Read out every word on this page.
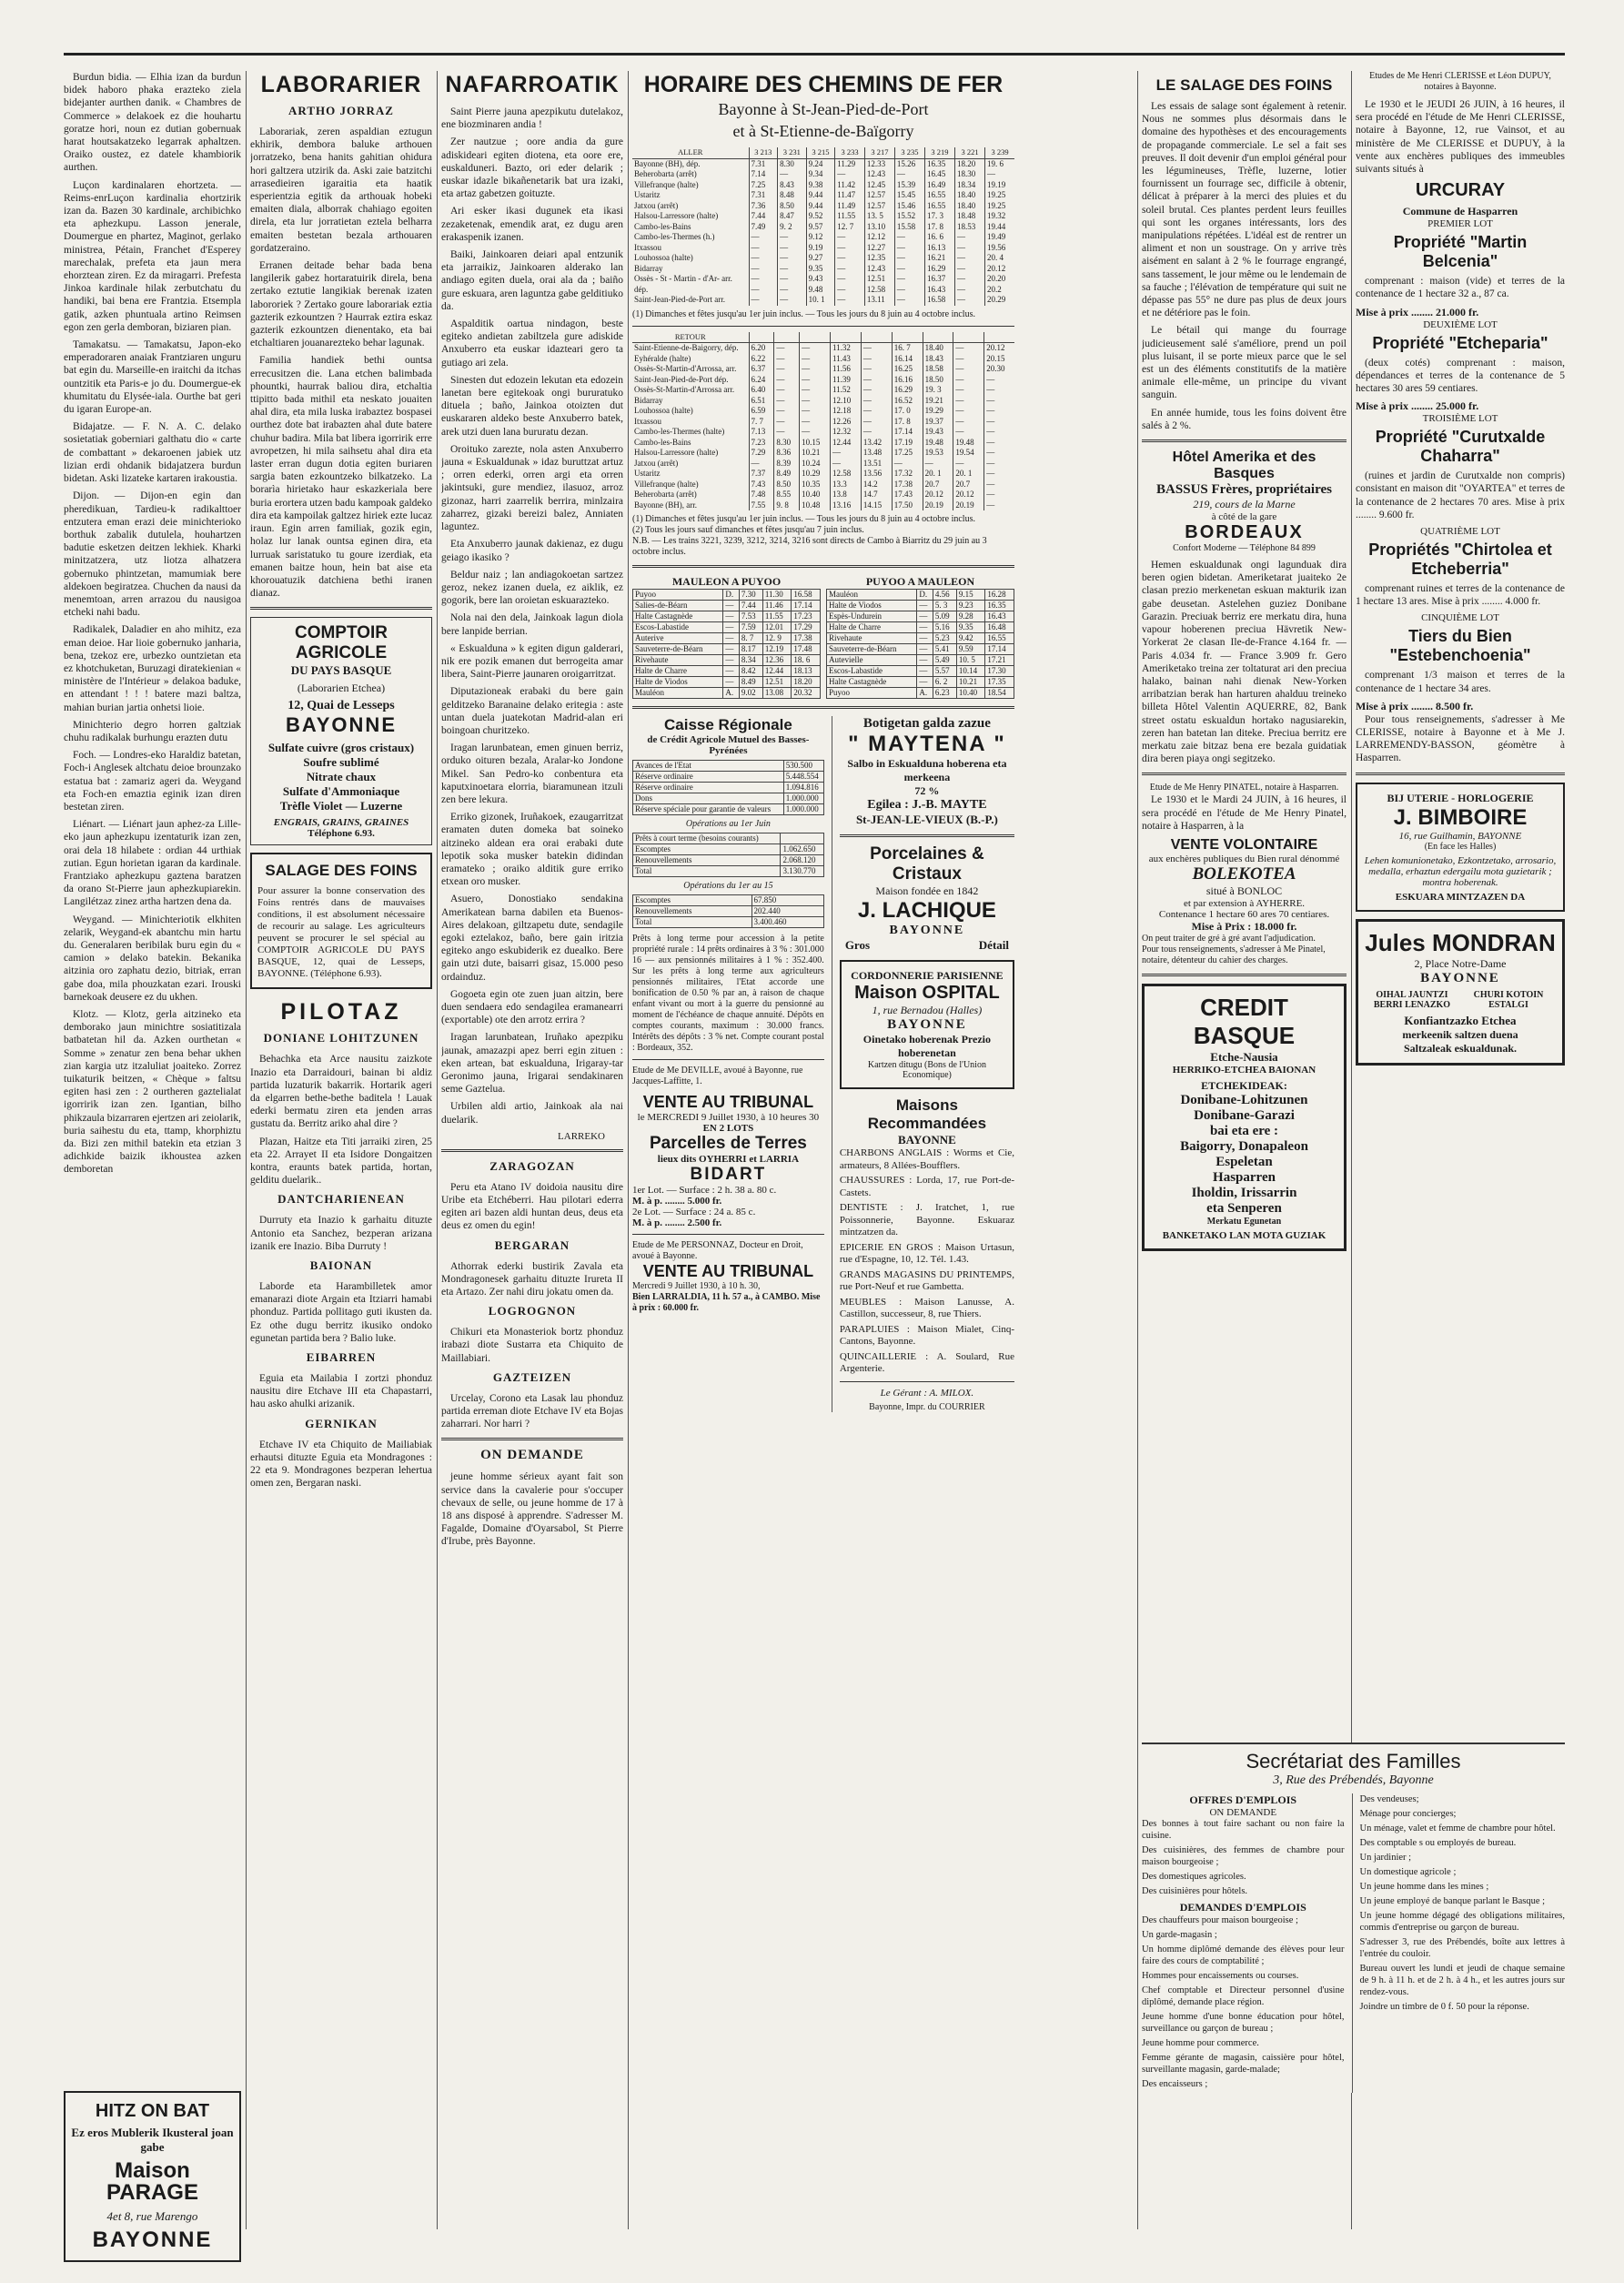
Burdun bidia. — Elhia izan da burdun bidek haboro phaka erazteko ziela bidejanter aurthen danik. « Chambres de Commerce » delakoek ez die houhartu goratze hori, noun ez dutian gobernuak harat houtsakatzeko legarrak aphaltzen. Oraiko oustez, ez datele khambiorik aurthen.

Luçon kardinalaren ehortzeta. — Reims-enrLuçon kardinalia ehortzirik izan da. Bazen 30 kardinale, archibichko eta aphezkupu. Lasson jenerale, Doumergue en phartez, Maginot, gerlako ministrea, Pétain, Franchet d'Esperey marechalak, prefeta eta jaun mera ehorztean ziren. Ez da miragarri. Prefesta Jinkoa kardinale hilak zerbutchatu du handiki, bai bena ere Frantzia. Etsempla gatik, azken phuntuala artino Reimsen egon zen gerla demboran, biziaren pian.

Tamakatsu. — Tamakatsu, Japon-eko emperadoraren anaiak Frantziaren unguru bat egin du. Marseille-en iraitchi da itchas ountzitik eta Paris-e jo du. Doumergue-ek khumitatu du Elysée-iala. Ourthe bat geri du igaran Europe-an.

Bidajatze. — F. N. A. C. delako sosietatiak goberniari galthatu dio « carte de combattant » dekaroenen jabiek utz lizian erdi ohdanik bidajatzera burdun bidetan. Aski lizateke kartaren irakoustia.

Dijon. — Dijon-en egin dan pheredikuan, Tardieu-k radikalttoer entzutera eman erazi deie minichterioko borthuk zabalik dutulela, houhartzen badutie esketzen deitzen lekhiek. Kharki minitzatzera, utz liotza alhatzera gobernuko phintzetan, mamumiak bere aldekoen begiratzea. Chuchen da nausi da menemtoan, arren arrazou du nausigoa etcheki nahi badu.

Radikalek, Daladier en aho mihitz, eza eman deioe. Har lioie gobernuko janharia, bena, tzekoz ere, urbezko ountzietan eta ez khotchuketan, Buruzagi diratekienian « ministère de l'Intérieur » delakoa baduke, en attendant ! ! ! batere mazi baltza, mahian burian jartia onhetsi lioie.

Minichterio degro horren galtziak chuhu radikalak burhungu erazten dutu

Foch. — Londres-eko Haraldiz batetan, Foch-i Anglesek altchatu deioe brounzako estatua bat : zamariz ageri da. Weygand eta Foch-en emaztia eginik izan diren bestetan ziren.

Liénart. — Liénart jaun aphez-za Lille-eko jaun aphezkupu izentaturik izan zen, orai dela 18 hilabete : ordian 44 urthiak zutian. Egun horietan igaran da kardinale. Frantziako aphezkupu gaztena baratzen da orano St-Pierre jaun aphezkupiarekin. Langilétzaz zinez artha hartzen dena da.

Weygand. — Minichteriotik elkhiten zelarik, Weygand-ek abantchu min hartu du. Generalaren beribilak buru egin du « camion » delako batekin. Bekanika aitzinia oro zaphatu dezio, bitriak, erran gabe doa, mila phouzkatan ezari. Irouski barnekoak deusere ez du ukhen.

Klotz. — Klotz, gerla aitzineko eta demborako jaun minichtre sosiatitizala batbatetan hil da. Azken ourthetan « Somme » zenatur zen bena behar ukhen zian kargia utz itzaluliat joaiteko. Zorrez tuikaturik beitzen, « Chèque » faltsu egiten hasi zen : 2 ourtheren gaztelialat igorririk izan zen. Igantian, bilho phikzaula bizarraren ejertzen ari zeiolarik, buria saihestu du eta, ttamp, khorphiztu da. Bizi zen mithil batekin eta etzian 3 adichkide baizik ikhoustea azken demboretan

HITZ ON BAT
Ez eros Mublerik Ikusteral joan gabe
Maison PARAGE
4et 8, rue Marengo
BAYONNE
LABORARIER
ARTHO JORRAZ

Laborariak, zeren aspaldian eztugun ekhirik, dembora baluke arthouen jorratzeko, bena hanits gahitian ohidura hori galtzera utzirik da. Aski zaie batzitchi arrasedieiren igaraitia eta haatik esperientzia egitik da arthouak hobeki emaiten diala, alborrak chahiago egoiten direla, eta lur jorratietan eztela belharra emaiten bestetan bezala arthouaren gordatzeraino.

Erranen deitade behar bada bena langilerik gabez hortaratuirik direla, bena zertako eztutie langikiak berenak izaten labororiek ? Zertako goure laborariak eztia gazterik ezkountzen ? Haurrak eztira eskaz gazterik ezkountzen dienentako, eta bai etchaltiaren jouanarezteko behar lagunak.

Familia handiek bethi ountsa errecusitzen die. Lana etchen balimbada phountki, haurrak baliou dira, etchaltia ttipitto bada mithil eta neskato jouaiten ahal dira, eta mila luska irabaztez bospasei ourthez dote bat irabazten ahal dute batere chuhur badira. Mila bat libera igorririk erre avropetzen, hi mila saihsetu ahal dira eta laster erran dugun dotia egiten buriaren sargia baten ezkountzeko bilkatzeko. La borarìa hirietako haur eskazkeriala bere buria erortera utzen badu kampoak galdeko dira eta kampoilak galtzez hiriek ezte lucaz iraun. Egin arren familiak, gozik egin, holaz lur lanak ountsa eginen dira, eta lurruak saristatuko tu goure izerdiak, eta emanen baitze houn, hein bat aise eta khorouatuzik datchiena bethi iranen dianaz.

COMPTOIR AGRICOLE
DU PAYS BASQUE
(Laborarien Etchea)
12, Quai de Lesseps
BAYONNE
Sulfate cuivre (gros cristaux)
Soufre sublimé
Nitrate chaux
Sulfate d'Ammoniaque
Trèfle Violet — Luzerne
ENGRAIS, GRAINS, GRAINES
Téléphone 6.93.
SALAGE DES FOINS
Pour assurer la bonne conservation des Foins rentrés dans de mauvaises conditions, il est absolument nécessaire de recourir au salage. Les agriculteurs peuvent se procurer le sel spécial au COMPTOIR AGRICOLE DU PAYS BASQUE, 12, quai de Lesseps, BAYONNE. (Téléphone 6.93).
PILOTAZ
DONIANE LOHITZUNEN

Behachka eta Arce nausitu zaizkote Inazio eta Darraidouri, bainan bi aldiz partida luzaturik bakarrik. Hortarik ageri da elgarren bethe-bethe baditela ! Lauak ederki bermatu ziren eta jenden arras gustatu da. Berritz ariko ahal dire ?

Plazan, Haitze eta Titi jarraiki ziren, 25 eta 22. Arrayet II eta Isidore Dongaitzen kontra, eraunts batek partida, hortan, gelditu duelarik..

DANTCHARIENEAN

Durruty eta Inazio k garhaitu dituzte Antonio eta Sanchez, bezperan arizana izanik ere Inazio. Biba Durruty !

BAIONAN

Laborde eta Harambilletek amor emanarazi diote Argain eta Itziarri hamabi phonduz. Partida pollitago guti ikusten da. Ez othe dugu berritz ikusiko ondoko egunetan partida bera ? Balio luke.

EIBARREN

Eguia eta Mailabia I zortzi phonduz nausitu dire Etchave III eta Chapastarri, hau asko ahulki arizanik.

GERNIKAN

Etchave IV eta Chiquito de Mailiabiak erhautsi dituzte Eguia eta Mondragones : 22 eta 9. Mondragones bezperan lehertua omen zen, Bergaran naski.

NAFARROATIK

Saint Pierre jauna apezpikutu dutelakoz, ene biozminaren andia !

Zer nautzue ; oore andia da gure adiskideari egiten diotena, eta oore ere, euskalduneri. Bazto, ori eder delarik ; euskar idazle bikañenetarik bat ura izaki, eta artaz gabetzen goituzte.

Ari esker ikasi dugunek eta ikasi zezaketenak, emendik arat, ez dugu aren erakaspenik izanen.

Baiki, Jainkoaren deiari apal entzunik eta jarraikiz, Jainkoaren alderako lan andiago egiten duela, orai ala da ; baiño gure eskuara, aren laguntza gabe gelditiuko da.

Aspalditik oartua nindagon, beste egiteko andietan zabiltzela gure adiskide Anxuberro eta euskar idazteari gero ta gutiago ari zela.

Sinesten dut edozein lekutan eta edozein lanetan bere egitekoak ongi bururatuko dituela ; baño, Jainkoa otoizten dut euskararen aldeko beste Anxuberro batek, arek utzi duen lana bururatu dezan.

Oroituko zarezte, nola asten Anxuberro jauna « Eskualdunak » idaz buruttzat artuz ; orren ederki, orren argi eta orren jakintsuki, gure mendiez, ilasuoz, arroz gizonaz, harri zaarrelik berrira, minlzaira zaharrez, gizaki bereizi balez, Anniaten laguntez.

Eta Anxuberro jaunak dakienaz, ez dugu geiago ikasiko ?

Beldur naiz ; lan andiagokoetan sartzez geroz, nekez izanen duela, ez aiklik, ez gogorik, bere lan oroietan eskuarazteko.

Nola nai den dela, Jainkoak lagun diola bere lanpide berrian.

« Eskualduna » k egiten digun galderari, nik ere pozik emanen dut berrogeita amar libera, Saint-Pierre jaunaren oroigarritzat.

Diputazioneak erabaki du bere gain gelditzeko Baranaine delako eritegia : aste untan duela juatekotan Madrid-alan eri boingoan churitzeko.

Iragan larunbatean, emen ginuen berriz, orduko oituren bezala, Aralar-ko Jondone Mikel. San Pedro-ko conbentura eta kaputxinoetara elorria, biaramunean itzuli zen bere lekura.

Erriko gizonek, Iruñakoek, ezaugarritzat eramaten duten domeka bat soineko aitzineko aldean era orai erabaki dute lepotik soka musker batekin didindan eramateko ; oraiko alditik gure erriko etxean oro musker.

Asuero, Donostiako sendakina Amerikatean barna dabilen eta Buenos-Aires delakoan, giltzapetu dute, sendagile egoki eztelakoz, baño, bere gain iritzia egiteko ango eskubiderik ez duealko. Bere gain utzi dute, baisarri gisaz, 15.000 peso ordainduz.

Gogoeta egin ote zuen juan aitzin, bere duen sendaera edo sendagilea eramanearri (exportable) ote den arrotz errira ?

Iragan larunbatean, Iruñako apezpiku jaunak, amazazpi apez berri egin zituen : eken artean, bat eskualduna, Irigaray-tar Geronimo jauna, Irigarai sendakinaren seme Gaztelua.

Urbilen aldi artio, Jainkoak ala nai duelarik.

LARREKO
ZARAGOZAN

Peru eta Atano IV doidoia nausitu dire Uribe eta Etchéberri. Hau pilotari ederra egiten ari bazen aldi huntan deus, deus eta deus ez omen du egin!

BERGARAN

Athorrak ederki bustirik Zavala eta Mondragonesek garhaitu dituzte Irureta II eta Artazo. Zer nahi diru jokatu omen da.

LOGROGNON

Chikuri eta Monasteriok bortz phonduz irabazi diote Sustarra eta Chiquito de Maillabiari.

GAZTEIZEN

Urcelay, Corono eta Lasak lau phonduz partida erreman diote Etchave IV eta Bojas zaharrari. Nor harri ?

ON DEMANDE

jeune homme sérieux ayant fait son service dans la cavalerie pour s'occuper chevaux de selle, ou jeune homme de 17 à 18 ans disposé à apprendre. S'adresser M. Fagalde, Domaine d'Oyarsabol, St Pierre d'Irube, près Bayonne.

HORAIRE DES CHEMINS DE FER
Bayonne à St-Jean-Pied-de-Port
et à St-Etienne-de-Baïgorry
ALLER	3 213	3 231	3 215	3 233	3 217	3 235	3 219	3 221	3 239
Bayonne (BH), dép.	7.31	8.30	9.24	11.29	12.33	15.26	16.35	18.20	19. 6
Beherobarta (arrêt)	7.14	—	9.34	—	12.43	—	16.45	18.30	—
Villefranque (halte)	7.25	8.43	9.38	11.42	12.45	15.39	16.49	18.34	19.19
Ustaritz	7.31	8.48	9.44	11.47	12.57	15.45	16.55	18.40	19.25
Jatxou (arrêt)	7.36	8.50	9.44	11.49	12.57	15.46	16.55	18.40	19.25
Halsou-Larressore (halte)	7.44	8.47	9.52	11.55	13. 5	15.52	17. 3	18.48	19.32
Cambo-les-Bains	7.49	9. 2	9.57	12. 7	13.10	15.58	17. 8	18.53	19.44
Cambo-les-Thermes (h.)	—	—	9.12	—	12.12	—	16. 6	—	19.49
Itxassou	—	—	9.19	—	12.27	—	16.13	—	19.56
Louhossoa (halte)	—	—	9.27	—	12.35	—	16.21	—	20. 4
Bidarray	—	—	9.35	—	12.43	—	16.29	—	20.12
Ossès - St - Martin - d'Ar- arr.	—	—	9.43	—	12.51	—	16.37	—	20.20
dép.	—	—	9.48	—	12.58	—	16.43	—	20.2
Saint-Jean-Pied-de-Port arr.	—	—	10. 1	—	13.11	—	16.58	—	20.29
(1) Dimanches et fêtes jusqu'au 1er juin inclus. — Tous les jours du 8 juin au 4 octobre inclus.
RETOUR									
Saint-Etienne-de-Baigorry, dép.	6.20	—	—	11.32	—	16. 7	18.40	—	20.12
Eyhéralde (halte)	6.22	—	—	11.43	—	16.14	18.43	—	20.15
Ossès-St-Martin-d'Arrossa, arr.	6.37	—	—	11.56	—	16.25	18.58	—	20.30
Saint-Jean-Pied-de-Port dép.	6.24	—	—	11.39	—	16.16	18.50	—	—
Ossès-St-Martin-d'Arrossa arr.	6.40	—	—	11.52	—	16.29	19. 3	—	—
Bidarray	6.51	—	—	12.10	—	16.52	19.21	—	—
Louhossoa (halte)	6.59	—	—	12.18	—	17. 0	19.29	—	—
Itxassou	7. 7	—	—	12.26	—	17. 8	19.37	—	—
Cambo-les-Thermes (halte)	7.13	—	—	12.32	—	17.14	19.43	—	—
Cambo-les-Bains	7.23	8.30	10.15	12.44	13.42	17.19	19.48	19.48	—
Halsou-Larressore (halte)	7.29	8.36	10.21	—	13.48	17.25	19.53	19.54	—
Jatxou (arrêt)	—	8.39	10.24	—	13.51	—	—	—	—
Ustaritz	7.37	8.49	10.29	12.58	13.56	17.32	20. 1	20. 1	—
Villefranque (halte)	7.43	8.50	10.35	13.3	14.2	17.38	20.7	20.7	—
Beherobarta (arrêt)	7.48	8.55	10.40	13.8	14.7	17.43	20.12	20.12	—
Bayonne (BH), arr.	7.55	9. 8	10.48	13.16	14.15	17.50	20.19	20.19	—
(1) Dimanches et fêtes jusqu'au 1er juin inclus. — Tous les jours du 8 juin au 4 octobre inclus.
(2) Tous les jours sauf dimanches et fêtes jusqu'au 7 juin inclus.
N.B. — Les trains 3221, 3239, 3212, 3214, 3216 sont directs de Cambo à Biarritz du 29 juin au 3 octobre inclus.
MAULEON A PUYOO
Puyoo	D.	7.30	11.30	16.58
Salies-de-Béarn	—	7.44	11.46	17.14
Halte Castagnède	—	7.53	11.55	17.23
Escos-Labastide	—	7.59	12.01	17.29
Auterive	—	8. 7	12. 9	17.38
Sauveterre-de-Béarn	—	8.17	12.19	17.48
Rivehaute	—	8.34	12.36	18. 6
Halte de Charre	—	8.42	12.44	18.13
Halte de Viodos	—	8.49	12.51	18.20
Mauléon	A.	9.02	13.08	20.32
PUYOO A MAULEON
Mauléon	D.	4.56	9.15	16.28
Halte de Viodos	—	5. 3	9.23	16.35
Espès-Undurein	—	5.09	9.28	16.43
Halte de Charre	—	5.16	9.35	16.48
Rivehaute	—	5.23	9.42	16.55
Sauveterre-de-Béarn	—	5.41	9.59	17.14
Autevielle	—	5.49	10. 5	17.21
Escos-Labastide	—	5.57	10.14	17.30
Halte Castagnède	—	6. 2	10.21	17.35
Puyoo	A.	6.23	10.40	18.54
Caisse Régionale
de Crédit Agricole Mutuel des Basses-Pyrénées
Avances de l'Etat	530.500
Réserve ordinaire	5.448.554
Réserve ordinaire	1.094.816
Dons	1.000.000
Réserve spéciale pour garantie de valeurs	1.000.000
Opérations au 1er Juin
Prêts à court terme (besoins courants)	
Escomptes	1.062.650
Renouvellements	2.068.120
Total	3.130.770
Opérations du 1er au 15
Escomptes	67.850
Renouvellements	202.440
Total	3.400.460
Prêts à long terme pour accession à la petite propriété rurale : 14 prêts ordinaires à 3 % : 301.000 16 — aux pensionnés militaires à 1 % : 352.400. Sur les prêts à long terme aux agriculteurs pensionnés militaires, l'Etat accorde une bonification de 0.50 % par an, à raison de chaque enfant vivant ou mort à la guerre du pensionné au moment de l'échéance de chaque annuité. Dépôts en comptes courants, maximum : 30.000 francs. Intérêts des dépôts : 3 % net. Compte courant postal : Bordeaux, 352.
Etude de Me DEVILLE, avoué à Bayonne, rue Jacques-Laffitte, 1.
VENTE AU TRIBUNAL
le MERCREDI 9 Juillet 1930, à 10 heures 30
EN 2 LOTS
Parcelles de Terres
lieux dits OYHERRI et LARRIA
BIDART
1er Lot. — Surface : 2 h. 38 a. 80 c.
M. à p. ........ 5.000 fr.
2e Lot. — Surface : 24 a. 85 c.
M. à p. ........ 2.500 fr.
Etude de Me PERSONNAZ, Docteur en Droit, avoué à Bayonne.
VENTE AU TRIBUNAL
Mercredi 9 Juillet 1930, à 10 h. 30,
Bien LARRALDIA, 11 h. 57 a., à CAMBO. Mise à prix : 60.000 fr.
Botigetan galda zazue
" MAYTENA "
Salbo in Eskualduna hoberena eta merkeena
72 %
Egilea : J.-B. MAYTE
St-JEAN-LE-VIEUX (B.-P.)
Porcelaines & Cristaux
Maison fondée en 1842
J. LACHIQUE
BAYONNE
Gros	Détail
CORDONNERIE PARISIENNE
Maison OSPITAL
1, rue Bernadou (Halles)
BAYONNE
Oinetako hoberenak Prezio hoberenetan
Kartzen ditugu (Bons de l'Union Economique)
Maisons Recommandées
BAYONNE
CHARBONS ANGLAIS : Worms et Cie, armateurs, 8 Allées-Boufflers.
CHAUSSURES : Lorda, 17, rue Port-de-Castets.
DENTISTE : J. Iratchet, 1, rue Poissonnerie, Bayonne. Eskuaraz mintzatzen da.
EPICERIE EN GROS : Maison Urtasun, rue d'Espagne, 10, 12. Tél. 1.43.
GRANDS MAGASINS DU PRINTEMPS, rue Port-Neuf et rue Gambetta.
MEUBLES : Maison Lanusse, A. Castillon, successeur, 8, rue Thiers.
PARAPLUIES : Maison Mialet, Cinq-Cantons, Bayonne.
QUINCAILLERIE : A. Soulard, Rue Argenterie.
Le Gérant : A. MILOX.
Bayonne, Impr. du COURRIER
LE SALAGE DES FOINS

Les essais de salage sont également à retenir. Nous ne sommes plus désormais dans le domaine des hypothèses et des encouragements de propagande commerciale. Le sel a fait ses preuves. Il doit devenir d'un emploi général pour les légumineuses, Trèfle, luzerne, lotier fournissent un fourrage sec, difficile à obtenir, délicat à préparer à la merci des pluies et du soleil brutal. Ces plantes perdent leurs feuilles qui sont les organes intéressants, lors des manipulations répétées. L'idéal est de rentrer un aliment et non un soustrage. On y arrive très aisément en salant à 2 % le fourrage engrangé, sans tassement, le jour même ou le lendemain de sa fauche ; l'élévation de température qui suit ne dépasse pas 55° ne dure pas plus de deux jours et ne détériore pas le foin.

Le bétail qui mange du fourrage judicieusement salé s'améliore, prend un poil plus luisant, il se porte mieux parce que le sel est un des éléments constitutifs de la matière animale elle-même, un principe du vivant sanguin.

En année humide, tous les foins doivent être salés à 2 %.

Hôtel Amerika et des Basques
BASSUS Frères, propriétaires
219, cours de la Marne
à côté de la gare
BORDEAUX
Confort Moderne — Téléphone 84 899

Hemen eskualdunak ongi lagunduak dira beren ogien bidetan. Ameriketarat juaiteko 2e clasan prezio merkenetan eskuan makturik izan gabe deusetan. Astelehen guziez Donibane Garazin. Preciuak berriz ere merkatu dira, huna vapour hoberenen preciua Hävretik New-Yorkerat 2e clasan Ile-de-France 4.164 fr. — Paris 4.034 fr. — France 3.909 fr. Gero Ameriketako treina zer toltaturat ari den preciua halako, bainan nahi dienak New-Yorken arribatzian berak han harturen ahalduu treineko billeta Hôtel Valentin AQUERRE, 82, Bank street ostatu eskualdun hortako nagusiarekin, zeren han batetan lan diteke. Preciua berritz ere merkatu zaie bitzaz bena ere bezala guidatiak dira beren piaya ongi segitzeko.

Etude de Me Henry PINATEL, notaire à Hasparren.

Le 1930 et le Mardi 24 JUIN, à 16 heures, il sera procédé en l'étude de Me Henry Pinatel, notaire à Hasparren, à la

VENTE VOLONTAIRE
aux enchères publiques du Bien rural dénommé
BOLEKOTEA
situé à BONLOC
et par extension à AYHERRE.
Contenance 1 hectare 60 ares 70 centiares.
Mise à Prix : 18.000 fr.
On peut traiter de gré à gré avant l'adjudication.
Pour tous renseignements, s'adresser à Me Pinatel, notaire, détenteur du cahier des charges.
CREDIT BASQUE
Etche-Nausia
HERRIKO-ETCHEA BAIONAN
ETCHEKIDEAK:
Donibane-Lohitzunen
Donibane-Garazi
bai eta ere :
Baigorry, Donapaleon
Espeletan
Hasparren
Iholdin, Irissarrin
eta Senperen
Merkatu Egunetan
BANKETAKO LAN MOTA GUZIAK
Etudes de Me Henri CLERISSE et Léon DUPUY, notaires à Bayonne.

Le 1930 et le JEUDI 26 JUIN, à 16 heures, il sera procédé en l'étude de Me Henri CLERISSE, notaire à Bayonne, 12, rue Vainsot, et au ministère de Me CLERISSE et DUPUY, à la vente aux enchères publiques des immeubles suivants situés à

URCURAY
Commune de Hasparren
PREMIER LOT
Propriété "Martin Belcenia"

comprenant : maison (vide) et terres de la contenance de 1 hectare 32 a., 87 ca.

Mise à prix ........ 21.000 fr.
DEUXIÈME LOT
Propriété "Etcheparia"

(deux cotés) comprenant : maison, dépendances et terres de la contenance de 5 hectares 30 ares 59 centiares.

Mise à prix ........ 25.000 fr.
TROISIÈME LOT
Propriété "Curutxalde Chaharra"

(ruines et jardin de Curutxalde non compris) consistant en maison dit "OYARTEA" et terres de la contenance de 2 hectares 70 ares. Mise à prix ........ 9.600 fr.

QUATRIÈME LOT
Propriétés "Chirtolea et Etcheberria"

comprenant ruines et terres de la contenance de 1 hectare 13 ares. Mise à prix ........ 4.000 fr.

CINQUIÈME LOT
Tiers du Bien "Estebenchoenia"

comprenant 1/3 maison et terres de la contenance de 1 hectare 34 ares.

Mise à prix ........ 8.500 fr.

Pour tous renseignements, s'adresser à Me CLERISSE, notaire à Bayonne et à Me J. LARREMENDY-BASSON, géomètre à Hasparren.

BIJ UTERIE - HORLOGERIE
J. BIMBOIRE
16, rue Guilhamin, BAYONNE
(En face les Halles)
Lehen komunionetako, Ezkontzetako, arrosario, medalla, erhaztun edergailu mota guzietarik ; montra hoberenak.
ESKUARA MINTZAZEN DA
Jules MONDRAN
2, Place Notre-Dame
BAYONNE
OIHAL JAUNTZI BERRI LENAZKO
CHURI KOTOIN ESTALGI
Konfiantzazko Etchea
merkeenik saltzen duena
Saltzaleak eskualdunak.
Secrétariat des Familles
3, Rue des Prébendés, Bayonne
OFFRES D'EMPLOIS
ON DEMANDE
Des bonnes à tout faire sachant ou non faire la cuisine.
Des cuisinières, des femmes de chambre pour maison bourgeoise ;
Des domestiques agricoles.
Des cuisinières pour hôtels.
DEMANDES D'EMPLOIS
Des chauffeurs pour maison bourgeoise ;
Un garde-magasin ;
Un homme diplômé demande des élèves pour leur faire des cours de comptabilité ;
Hommes pour encaissements ou courses.
Chef comptable et Directeur personnel d'usine diplômé, demande place région.
Jeune homme d'une bonne éducation pour hôtel, surveillance ou garçon de bureau ;
Jeune homme pour commerce.
Femme gérante de magasin, caissière pour hôtel, surveillante magasin, garde-malade;
Des encaisseurs ;
Des vendeuses;
Ménage pour concierges;
Un ménage, valet et femme de chambre pour hôtel.
Des comptable s ou employés de bureau.
Un jardinier ;
Un domestique agricole ;
Un jeune homme dans les mines ;
Un jeune employé de banque parlant le Basque ;
Un jeune homme dégagé des obligations militaires, commis d'entreprise ou garçon de bureau.
S'adresser 3, rue des Prébendés, boîte aux lettres à l'entrée du couloir.
Bureau ouvert les lundi et jeudi de chaque semaine de 9 h. à 11 h. et de 2 h. à 4 h., et les autres jours sur rendez-vous.
Joindre un timbre de 0 f. 50 pour la réponse.
